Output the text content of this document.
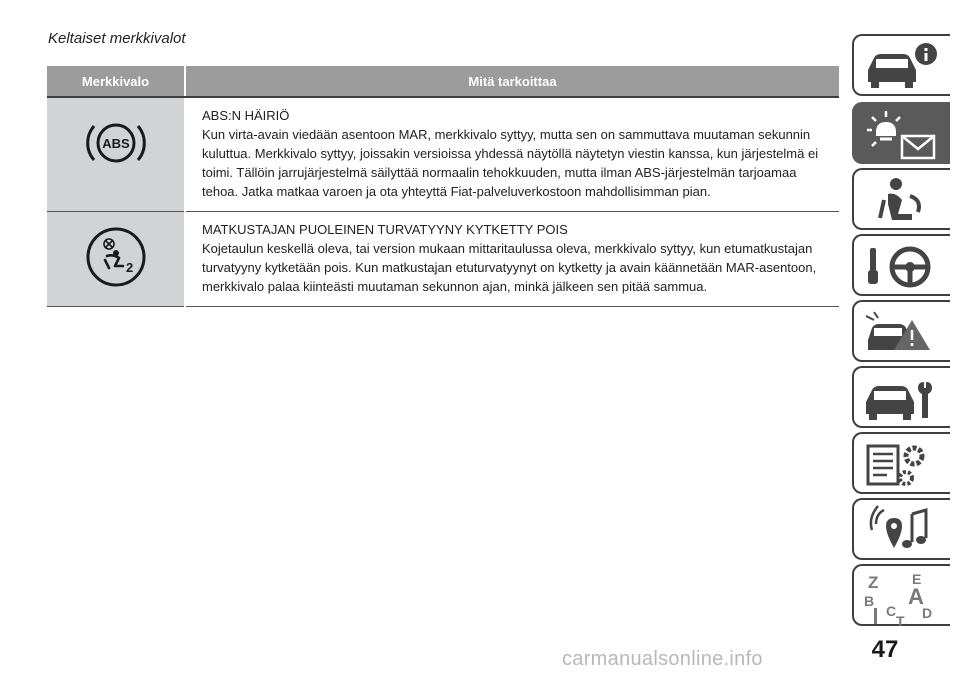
Keltaiset merkkivalot
Merkkivalo	Mitä tarkoittaa

ABS	ABS:N HÄIRIÖ
Kun virta-avain viedään asentoon MAR, merkkivalo syttyy, mutta sen on sammuttava muutaman sekunnin kuluttua. Merkkivalo syttyy, joissakin versioissa yhdessä näytöllä näytetyn viestin kanssa, kun järjestelmä ei toimi. Tällöin jarrujärjestelmä säilyttää normaalin tehokkuuden, mutta ilman ABS-järjestelmän tarjoamaa tehoa. Jatka matkaa varoen ja ota yhteyttä Fiat-palveluverkostoon mahdollisimman pian.

2	MATKUSTAJAN PUOLEINEN TURVATYYNY KYTKETTY POIS
Kojetaulun keskellä oleva, tai version mukaan mittaritaulussa oleva, merkkivalo syttyy, kun etumatkustajan turvatyyny kytketään pois. Kun matkustajan etuturvatyynyt on kytketty ja avain käännetään MAR-asentoon, merkkivalo palaa kiinteästi muutaman sekunnon ajan, minkä jälkeen sen pitää sammua.
Z E
B A
C D
T
47
carmanualsonline.info
